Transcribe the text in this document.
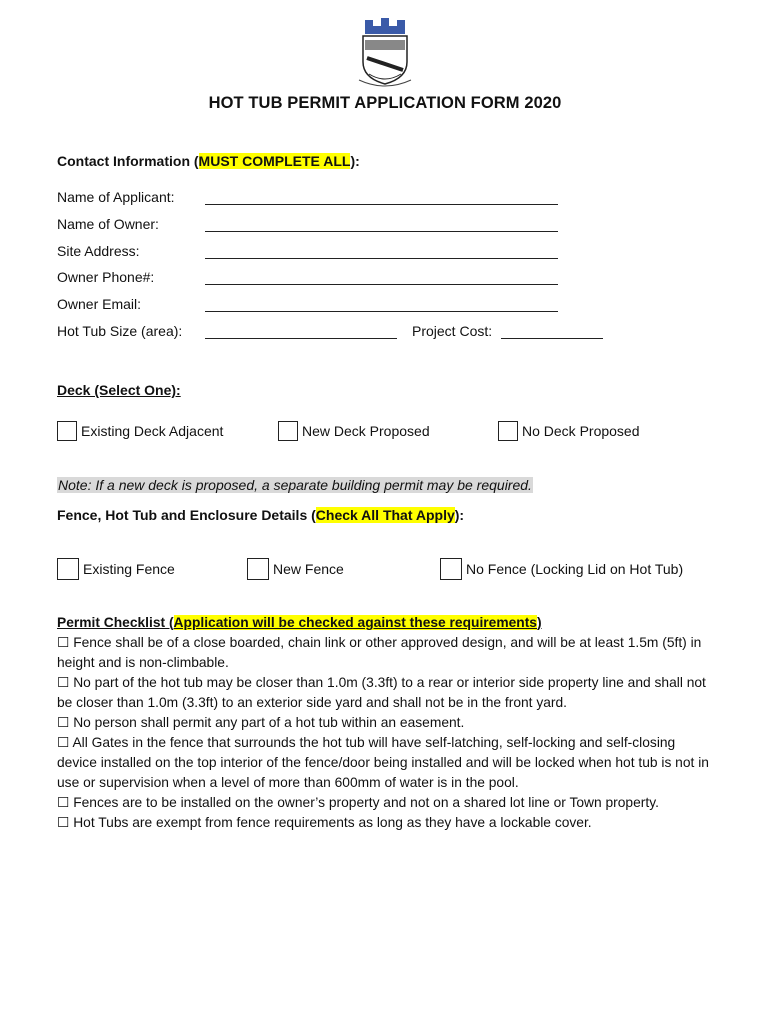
HOT TUB PERMIT APPLICATION FORM 2020
Contact Information (MUST COMPLETE ALL):
Name of Applicant:
Name of Owner:
Site Address:
Owner Phone#:
Owner Email:
Hot Tub Size (area):	Project Cost:
Deck (Select One):
Existing Deck Adjacent	New Deck Proposed	No Deck Proposed
Note: If a new deck is proposed, a separate building permit may be required.
Fence, Hot Tub and Enclosure Details (Check All That Apply):
Existing Fence	New Fence	No Fence (Locking Lid on Hot Tub)
Permit Checklist (Application will be checked against these requirements)

☐ Fence shall be of a close boarded, chain link or other approved design, and will be at least 1.5m (5ft) in height and is non-climbable.

☐ No part of the hot tub may be closer than 1.0m (3.3ft) to a rear or interior side property line and shall not be closer than 1.0m (3.3ft) to an exterior side yard and shall not be in the front yard.

☐ No person shall permit any part of a hot tub within an easement.

☐ All Gates in the fence that surrounds the hot tub will have self-latching, self-locking and self-closing device installed on the top interior of the fence/door being installed and will be locked when hot tub is not in use or supervision when a level of more than 600mm of water is in the pool.

☐ Fences are to be installed on the owner’s property and not on a shared lot line or Town property.

☐ Hot Tubs are exempt from fence requirements as long as they have a lockable cover.
